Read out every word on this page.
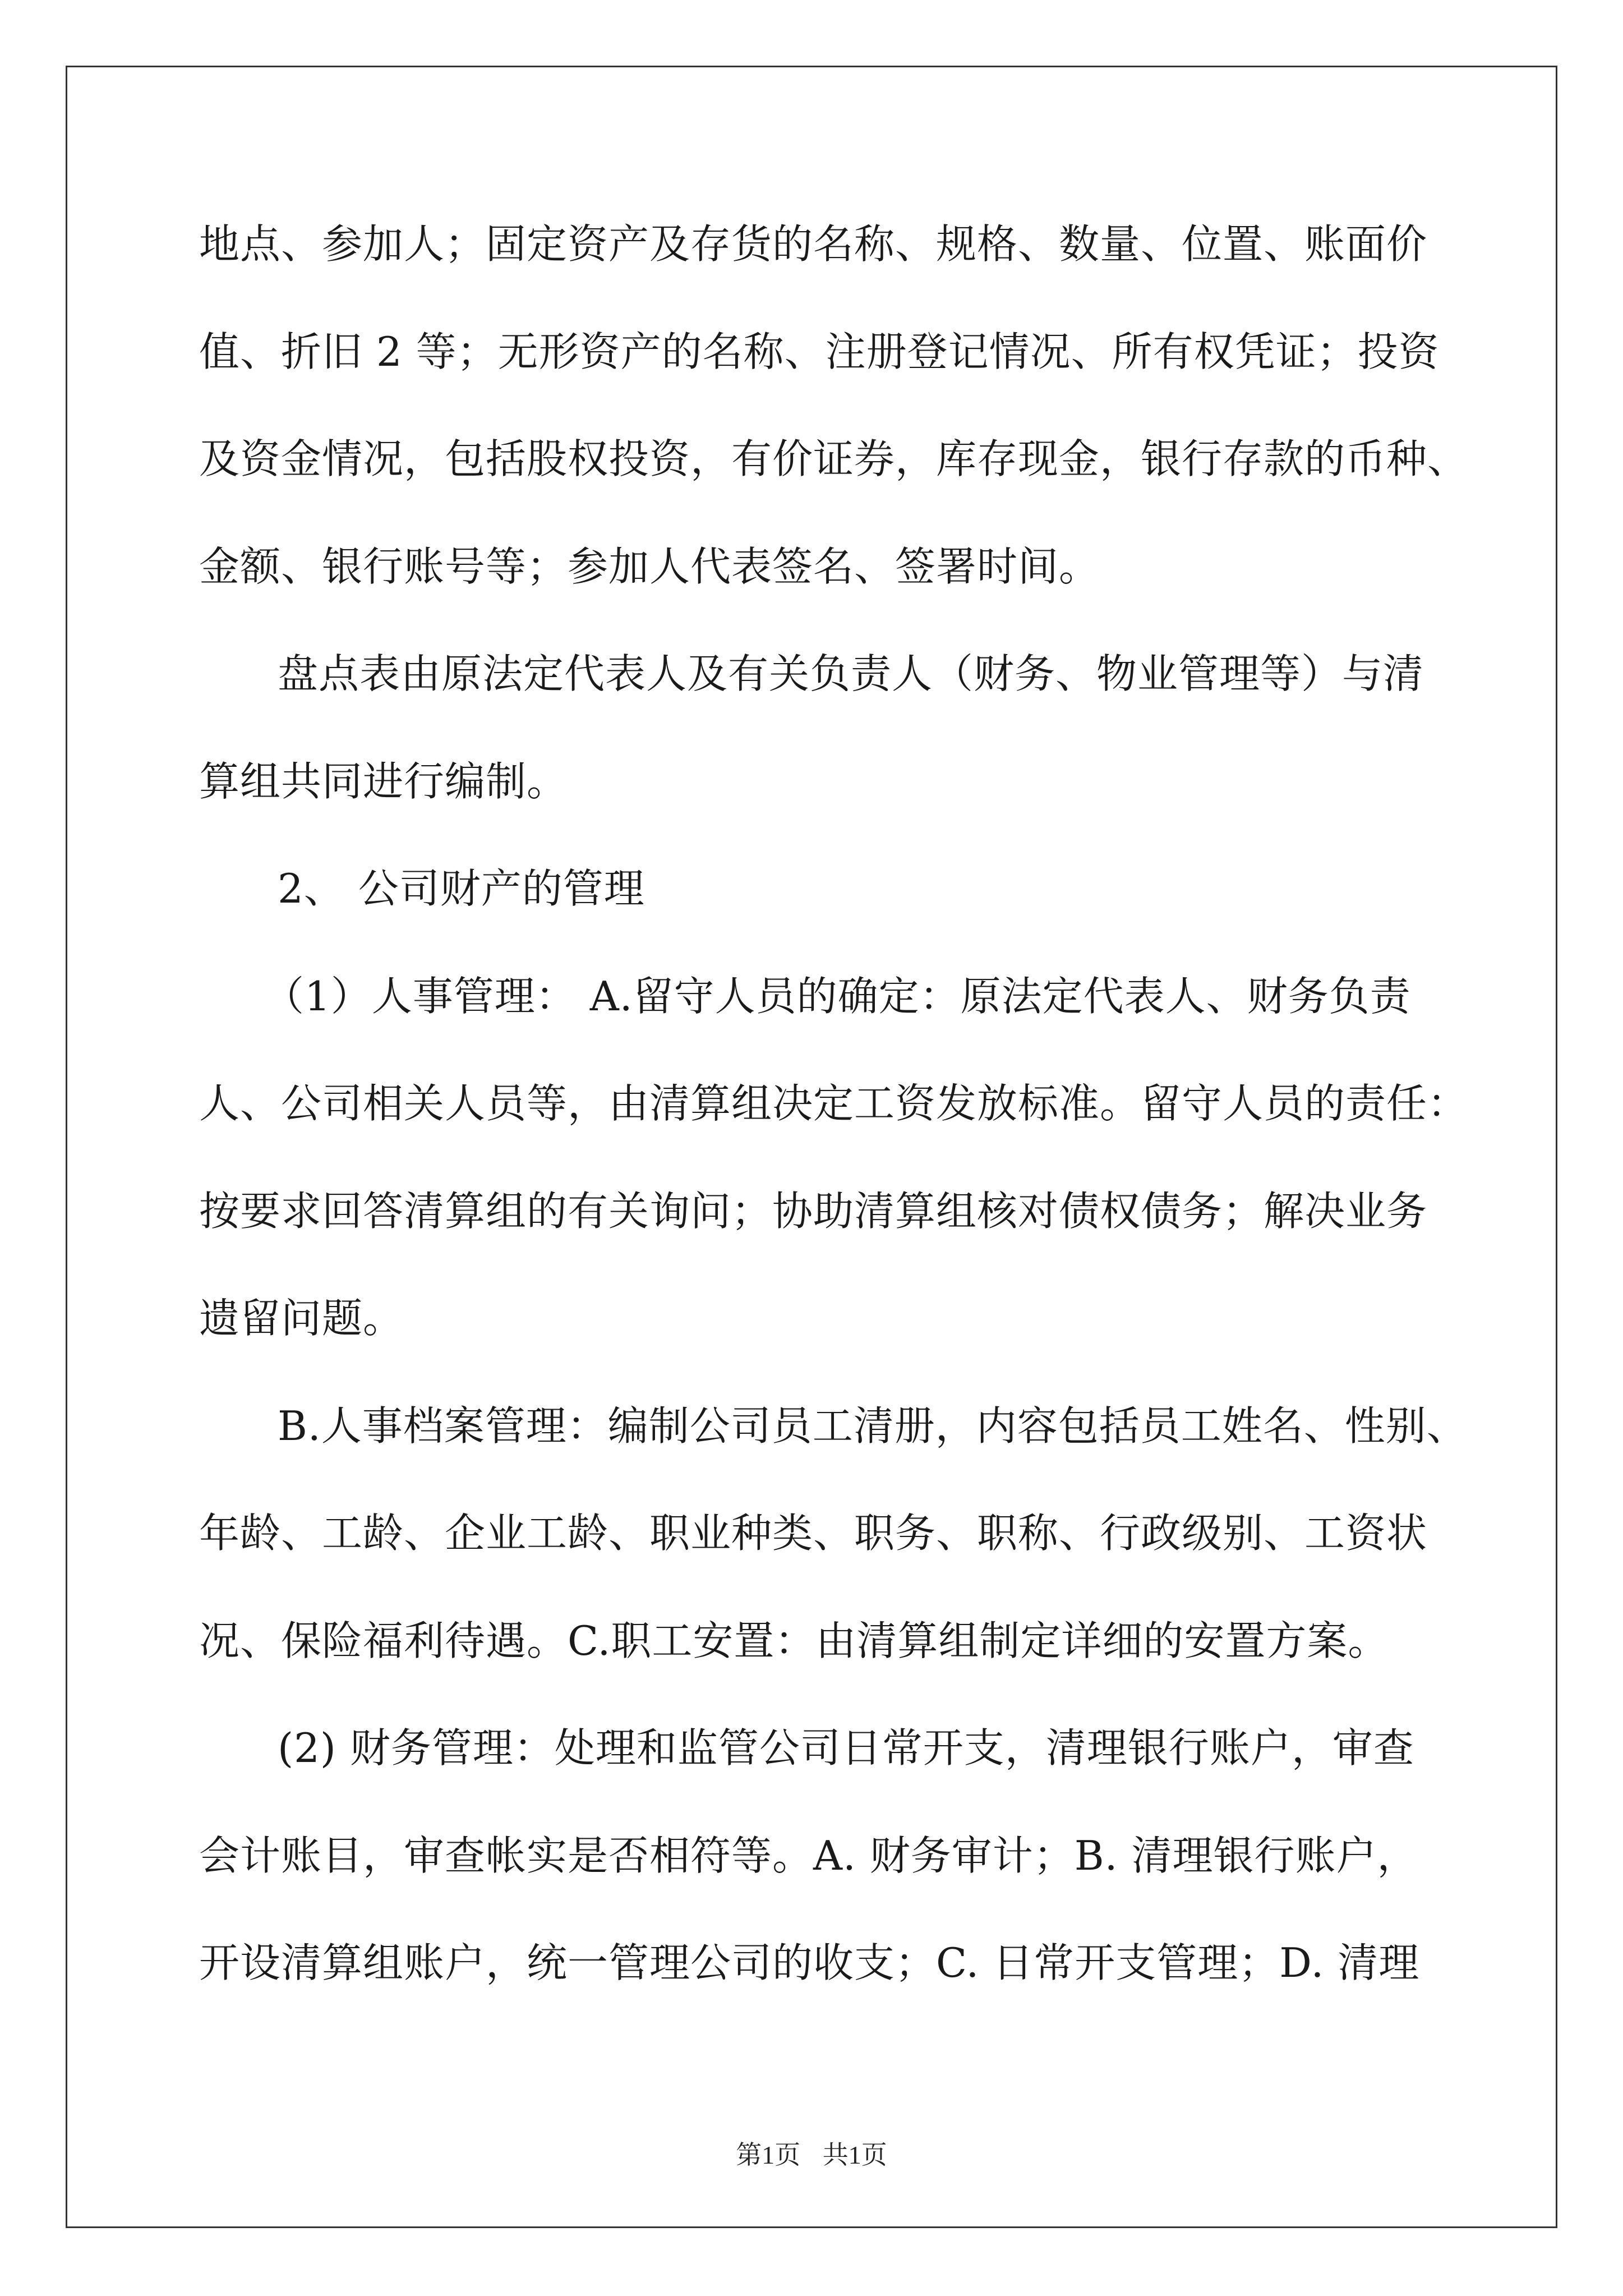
地点、参加人；固定资产及存货的名称、规格、数量、位置、账面价
值、折旧 2 等；无形资产的名称、注册登记情况、所有权凭证；投资
及资金情况，包括股权投资，有价证券，库存现金，银行存款的币种、
金额、银行账号等；参加人代表签名、签署时间。
盘点表由原法定代表人及有关负责人（财务、物业管理等）与清
算组共同进行编制。
2、 公司财产的管理
（1）人事管理： A.留守人员的确定：原法定代表人、财务负责
人、公司相关人员等，由清算组决定工资发放标准。留守人员的责任：
按要求回答清算组的有关询问；协助清算组核对债权债务；解决业务
遗留问题。
B.人事档案管理：编制公司员工清册，内容包括员工姓名、性别、
年龄、工龄、企业工龄、职业种类、职务、职称、行政级别、工资状
况、保险福利待遇。C.职工安置：由清算组制定详细的安置方案。
(2) 财务管理：处理和监管公司日常开支，清理银行账户，审查
会计账目，审查帐实是否相符等。A. 财务审计；B. 清理银行账户，
开设清算组账户，统一管理公司的收支；C. 日常开支管理；D. 清理
第1页 共1页
